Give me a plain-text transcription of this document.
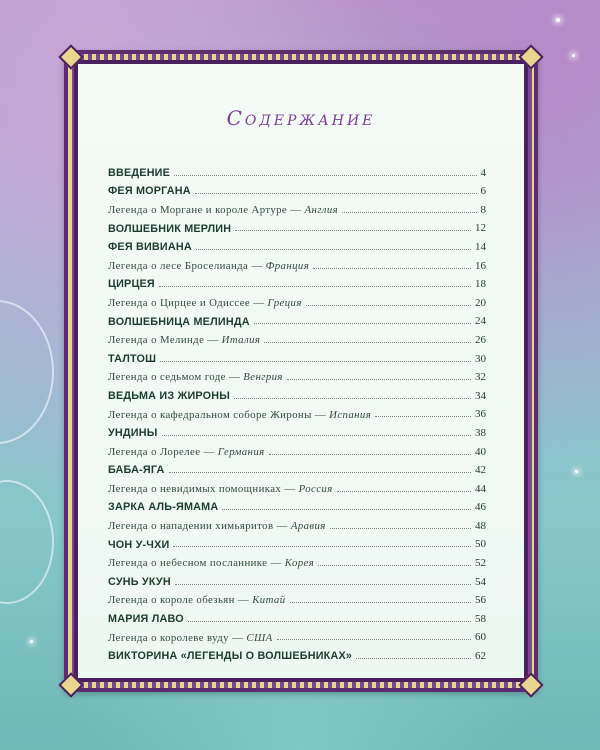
Содержание
ВВЕДЕНИЕ	4
ФЕЯ МОРГАНА	6
Легенда о Моргане и короле Артуре — Англия	8
ВОЛШЕБНИК МЕРЛИН	12
ФЕЯ ВИВИАНА	14
Легенда о лесе Броселианда — Франция	16
ЦИРЦЕЯ	18
Легенда о Цирцее и Одиссее — Греция	20
ВОЛШЕБНИЦА МЕЛИНДА	24
Легенда о Мелинде — Италия	26
ТАЛТОШ	30
Легенда о седьмом годе — Венгрия	32
ВЕДЬМА ИЗ ЖИРОНЫ	34
Легенда о кафедральном соборе Жироны — Испания	36
УНДИНЫ	38
Легенда о Лорелее — Германия	40
БАБА-ЯГА	42
Легенда о невидимых помощниках — Россия	44
ЗАРКА АЛЬ-ЯМАМА	46
Легенда о нападении химьяритов — Аравия	48
ЧОН У-ЧХИ	50
Легенда о небесном посланнике — Корея	52
СУНЬ УКУН	54
Легенда о короле обезьян — Китай	56
МАРИЯ ЛАВО	58
Легенда о королеве вуду — США	60
ВИКТОРИНА «ЛЕГЕНДЫ О ВОЛШЕБНИКАХ»	62
